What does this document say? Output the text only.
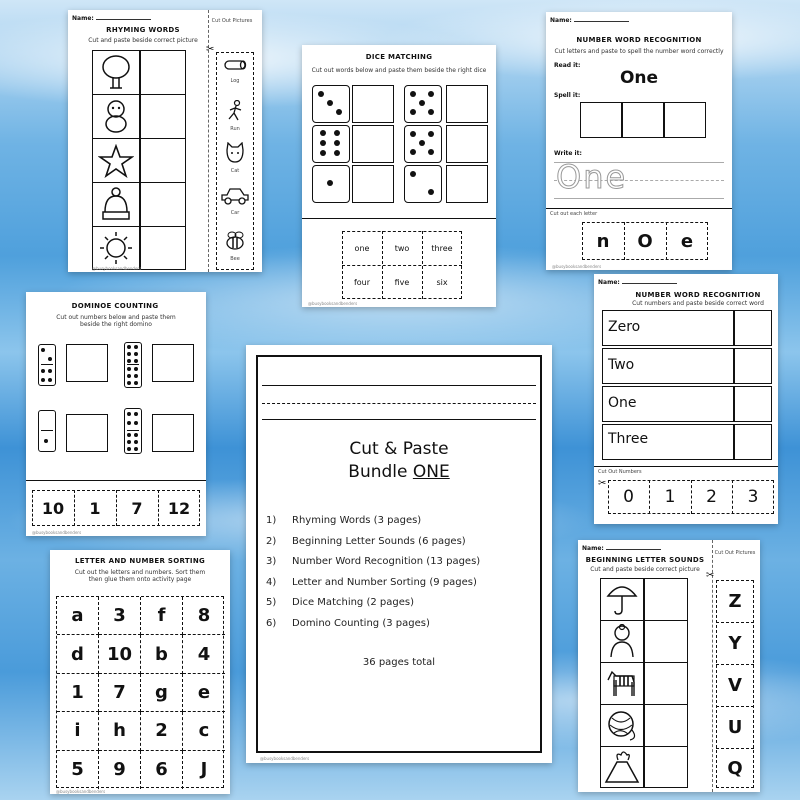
Name:
RHYMING WORDS
Cut and paste beside correct picture
Cut Out Pictures
✂
Log
Run
Cat
Car
Bee
@busybooksandbenders
DICE MATCHING
Cut out words below and paste them beside the right dice
one	two	three
four	five	six
@busybooksandbenders
Name:
NUMBER WORD RECOGNITION
Cut letters and paste to spell the number word correctly
Read it:
One
Spell it:
Write it:
One
Cut out each letter
n	O	e
@busybooksandbenders
DOMINOE COUNTING
Cut out numbers below and paste them beside the right domino
10	1	7	12
@busybooksandbenders
Cut & Paste
Bundle ONE
1) Rhyming Words (3 pages)
2) Beginning Letter Sounds (6 pages)
3) Number Word Recognition (13 pages)
4) Letter and Number Sorting (9 pages)
5) Dice Matching (2 pages)
6) Domino Counting (3 pages)
36 pages total
@busybooksandbenders
Name:
NUMBER WORD RECOGNITION
Cut numbers and paste beside correct word
Zero
Two
One
Three
Cut Out Numbers
✂
0	1	2	3
LETTER AND NUMBER SORTING
Cut out the letters and numbers. Sort them then glue them onto activity page
a	3	f	8
d	10	b	4
1	7	g	e
i	h	2	c
5	9	6	J
@busybooksandbenders
Name:
BEGINNING LETTER SOUNDS
Cut and paste beside correct picture
Cut Out Pictures
✂
Z
Y
V
U
Q
